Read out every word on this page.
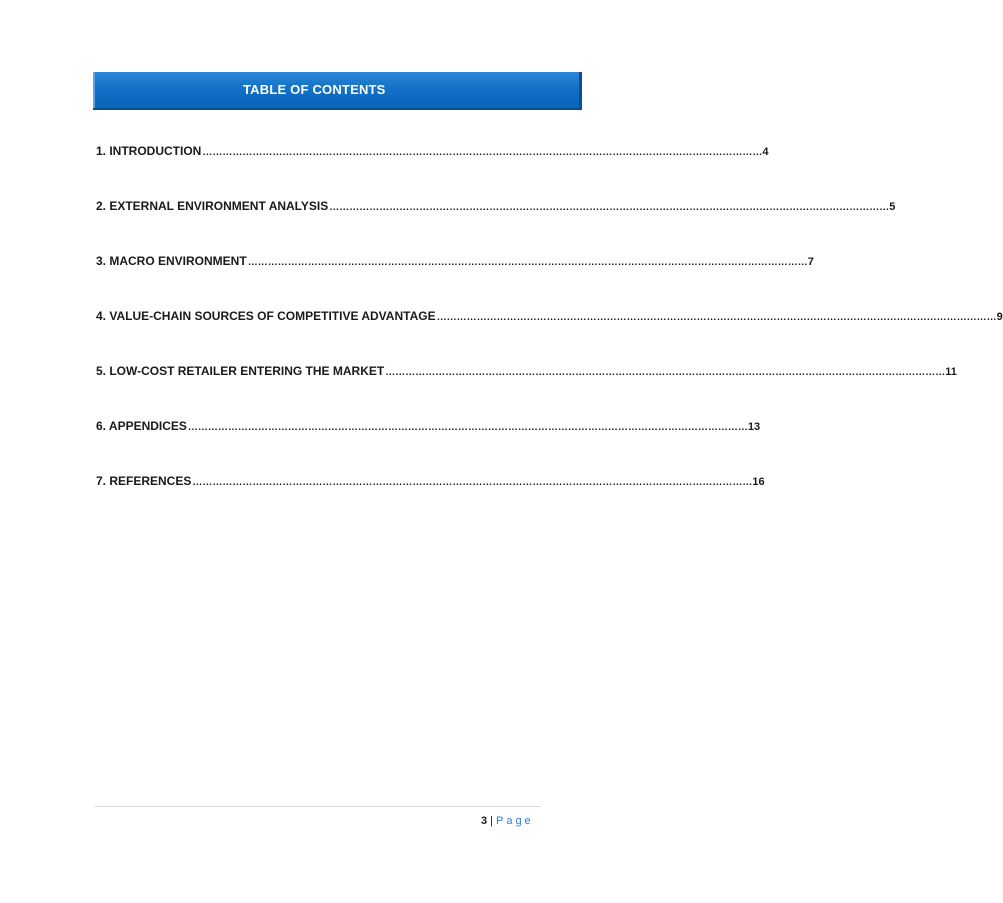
TABLE OF CONTENTS
1. INTRODUCTION …………………………………………………………………………………………………………………………………………………… 4
2. EXTERNAL ENVIRONMENT ANALYSIS …………………………………………………………………………………………………………………………………………………… 5
3. MACRO ENVIRONMENT …………………………………………………………………………………………………………………………………………………… 7
4. VALUE-CHAIN SOURCES OF COMPETITIVE ADVANTAGE …………………………………………………………………………………………………………………………………………………… 9
5. LOW-COST RETAILER ENTERING THE MARKET …………………………………………………………………………………………………………………………………………………… 11
6. APPENDICES …………………………………………………………………………………………………………………………………………………… 13
7. REFERENCES …………………………………………………………………………………………………………………………………………………… 16
3 | Page
